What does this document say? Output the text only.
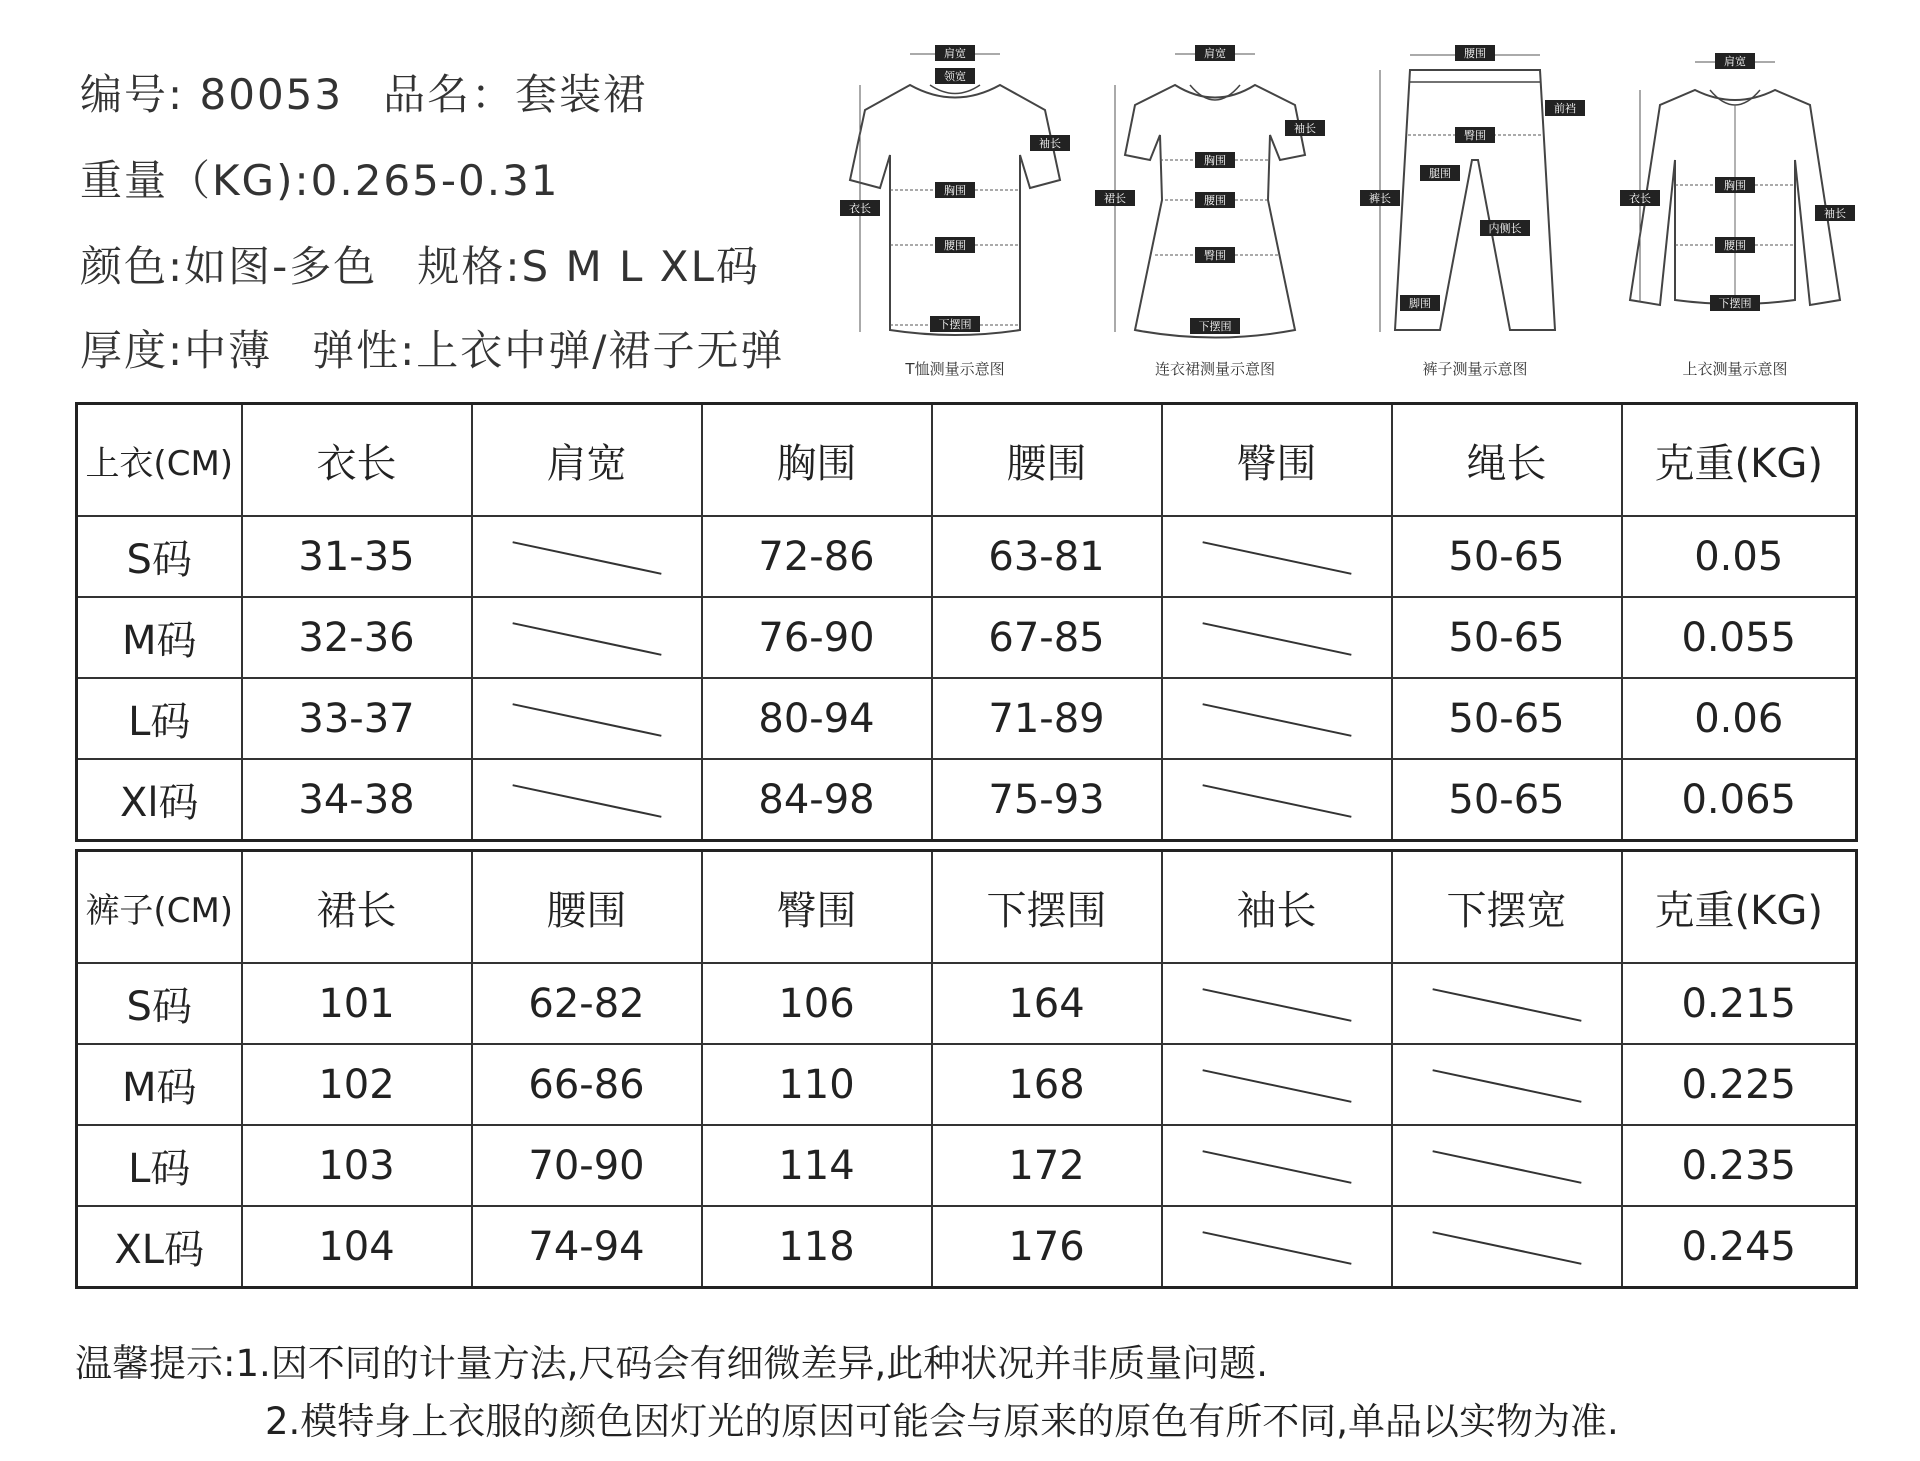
编号: 80053 品名：套装裙
重量（KG):0.265-0.31
颜色:如图-多色 规格:S M L XL码
厚度:中薄 弹性:上衣中弹/裙子无弹
肩宽
领宽
袖长
胸围
衣长
腰围
下摆围
T恤测量示意图
肩宽
袖长
胸围
裙长	腰围
臀围
下摆围
连衣裙测量示意图
腰围
前裆
臀围
腿围
裤长
内侧长
脚围
裤子测量示意图
肩宽
衣长
胸围
袖长
腰围
下摆围
上衣测量示意图
上衣(CM)	衣长	肩宽	胸围	腰围	臀围	绳长	克重(KG)
S码	31-35		72-86	63-81		50-65	0.05
M码	32-36		76-90	67-85		50-65	0.055
L码	33-37		80-94	71-89		50-65	0.06
Xl码	34-38		84-98	75-93		50-65	0.065
裤子(CM)	裙长	腰围	臀围	下摆围	袖长	下摆宽	克重(KG)
S码	101	62-82	106	164			0.215
M码	102	66-86	110	168			0.225
L码	103	70-90	114	172			0.235
XL码	104	74-94	118	176			0.245
温馨提示:1.因不同的计量方法,尺码会有细微差异,此种状况并非质量问题.
2.模特身上衣服的颜色因灯光的原因可能会与原来的原色有所不同,单品以实物为准.
